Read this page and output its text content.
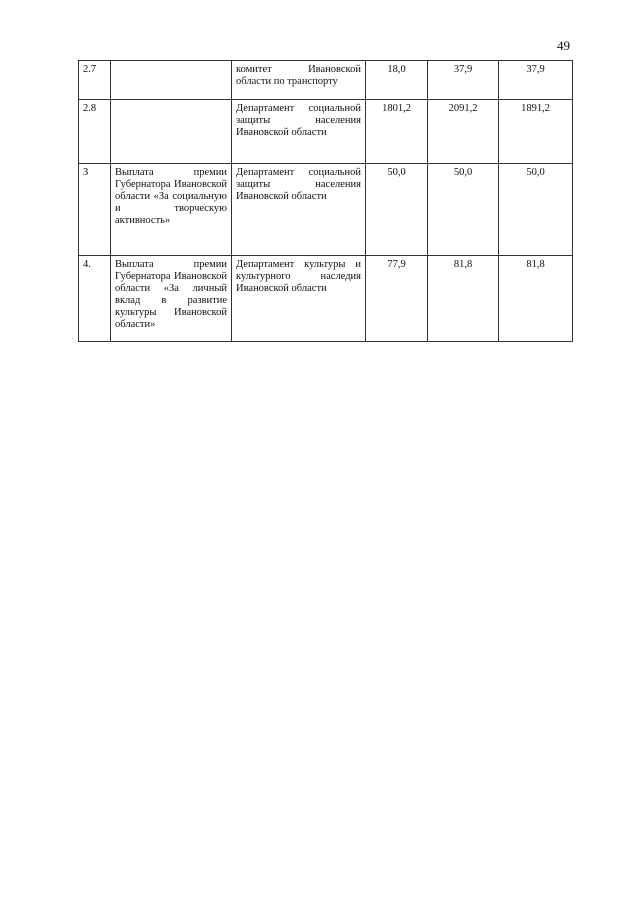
49
2.7		комитет Ивановской области по транспорту	18,0	37,9	37,9
2.8		Департамент социальной защиты населения Ивановской области	1801,2	2091,2	1891,2
3	Выплата премии Губернатора Ивановской области «За социальную и творческую активность»	Департамент социальной защиты населения Ивановской области	50,0	50,0	50,0
4.	Выплата премии Губернатора Ивановской области «За личный вклад в развитие культуры Ивановской области»	Департамент культуры и культурного наследия Ивановской области	77,9	81,8	81,8
